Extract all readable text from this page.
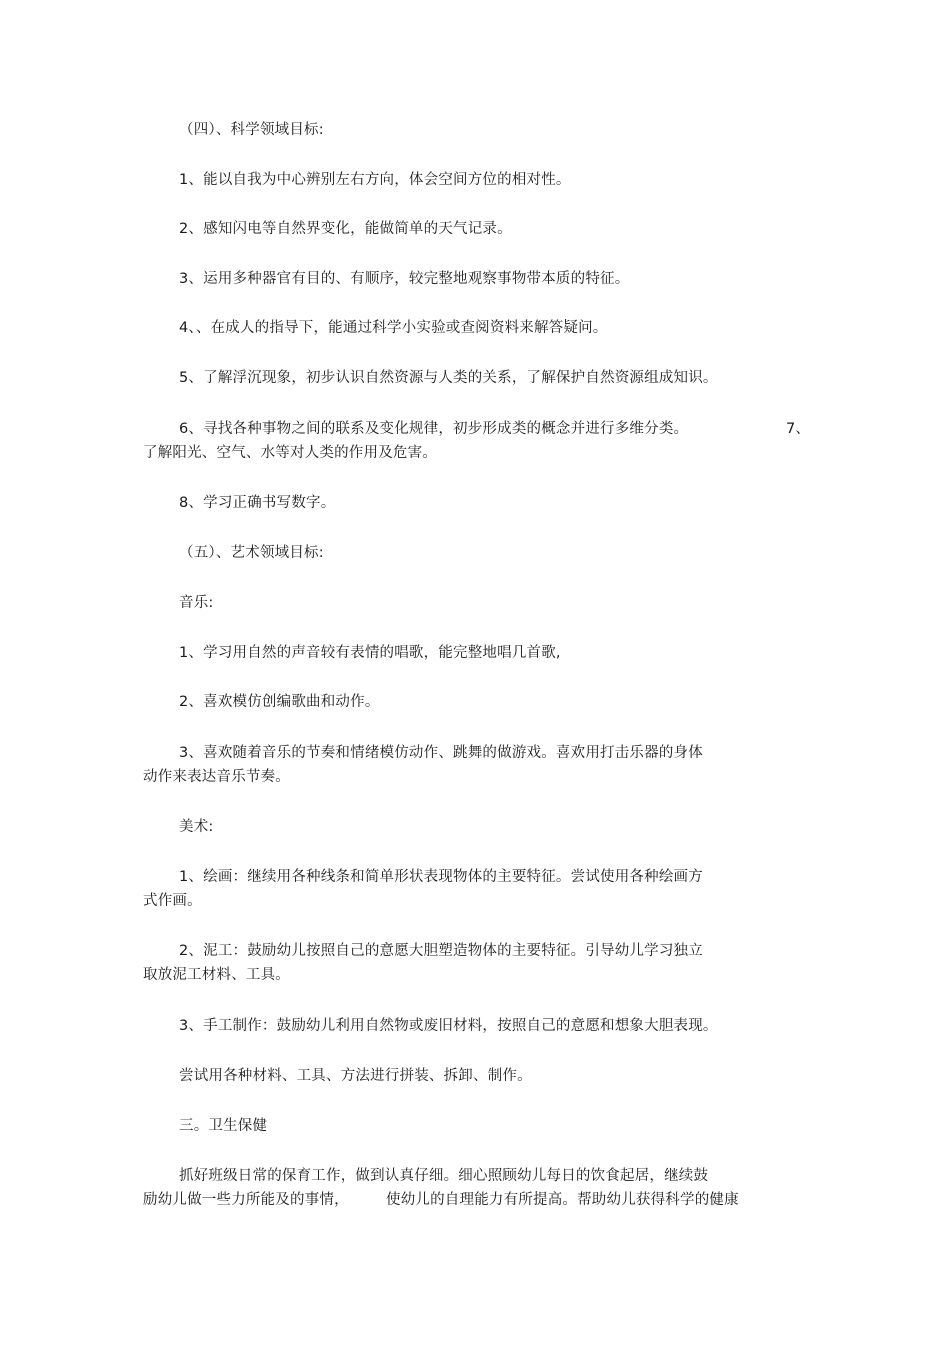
（四）、科学领域目标:
1、能以自我为中心辨别左右方向，体会空间方位的相对性。
2、感知闪电等自然界变化，能做简单的天气记录。
3、运用多种器官有目的、有顺序，较完整地观察事物带本质的特征。
4、、在成人的指导下，能通过科学小实验或查阅资料来解答疑问。
5、了解浮沉现象，初步认识自然资源与人类的关系，了解保护自然资源组成知识。
6、寻找各种事物之间的联系及变化规律，初步形成类的概念并进行多维分类。	7、
了解阳光、空气、水等对人类的作用及危害。
8、学习正确书写数字。
（五）、艺术领域目标:
音乐:
1、学习用自然的声音较有表情的唱歌，能完整地唱几首歌,
2、喜欢模仿创编歌曲和动作。
3、喜欢随着音乐的节奏和情绪模仿动作、跳舞的做游戏。喜欢用打击乐器的身体
动作来表达音乐节奏。
美术:
1、绘画：继续用各种线条和简单形状表现物体的主要特征。尝试使用各种绘画方
式作画。
2、泥工：鼓励幼儿按照自己的意愿大胆塑造物体的主要特征。引导幼儿学习独立
取放泥工材料、工具。
3、手工制作：鼓励幼儿利用自然物或废旧材料，按照自己的意愿和想象大胆表现。
尝试用各种材料、工具、方法进行拼装、拆卸、制作。
三。卫生保健
抓好班级日常的保育工作，做到认真仔细。细心照顾幼儿每日的饮食起居，继续鼓
励幼儿做一些力所能及的事情，	使幼儿的自理能力有所提高。帮助幼儿获得科学的健康
